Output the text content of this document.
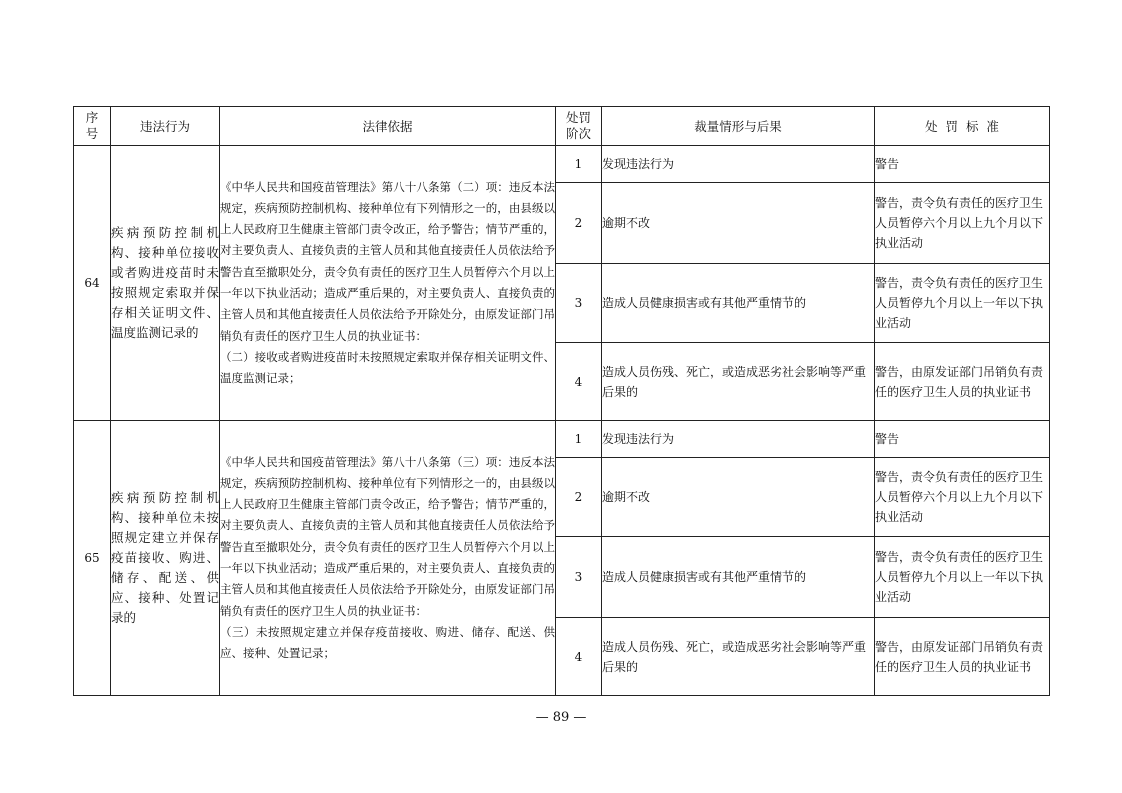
序号	违法行为	法律依据	处罚阶次	裁量情形与后果	处  罚  标  准
64	疾病预防控制机构、接种单位接收或者购进疫苗时未按照规定索取并保存相关证明文件、温度监测记录的	《中华人民共和国疫苗管理法》第八十八条第（二）项：违反本法规定，疾病预防控制机构、接种单位有下列情形之一的，由县级以上人民政府卫生健康主管部门责令改正，给予警告；情节严重的，对主要负责人、直接负责的主管人员和其他直接责任人员依法给予警告直至撤职处分，责令负有责任的医疗卫生人员暂停六个月以上一年以下执业活动；造成严重后果的，对主要负责人、直接负责的主管人员和其他直接责任人员依法给予开除处分，由原发证部门吊销负有责任的医疗卫生人员的执业证书：
（二）接收或者购进疫苗时未按照规定索取并保存相关证明文件、温度监测记录；	1	发现违法行为	警告
			2	逾期不改	警告，责令负有责任的医疗卫生人员暂停六个月以上九个月以下执业活动
			3	造成人员健康损害或有其他严重情节的	警告，责令负有责任的医疗卫生人员暂停九个月以上一年以下执业活动
			4	造成人员伤残、死亡，或造成恶劣社会影响等严重后果的	警告，由原发证部门吊销负有责任的医疗卫生人员的执业证书
65	疾病预防控制机构、接种单位未按照规定建立并保存疫苗接收、购进、储存、配送、供应、接种、处置记录的	《中华人民共和国疫苗管理法》第八十八条第（三）项：违反本法规定，疾病预防控制机构、接种单位有下列情形之一的，由县级以上人民政府卫生健康主管部门责令改正，给予警告；情节严重的，对主要负责人、直接负责的主管人员和其他直接责任人员依法给予警告直至撤职处分，责令负有责任的医疗卫生人员暂停六个月以上一年以下执业活动；造成严重后果的，对主要负责人、直接负责的主管人员和其他直接责任人员依法给予开除处分，由原发证部门吊销负有责任的医疗卫生人员的执业证书：
（三）未按照规定建立并保存疫苗接收、购进、储存、配送、供应、接种、处置记录；	1	发现违法行为	警告
			2	逾期不改	警告，责令负有责任的医疗卫生人员暂停六个月以上九个月以下执业活动
			3	造成人员健康损害或有其他严重情节的	警告，责令负有责任的医疗卫生人员暂停九个月以上一年以下执业活动
			4	造成人员伤残、死亡，或造成恶劣社会影响等严重后果的	警告，由原发证部门吊销负有责任的医疗卫生人员的执业证书
— 89 —
